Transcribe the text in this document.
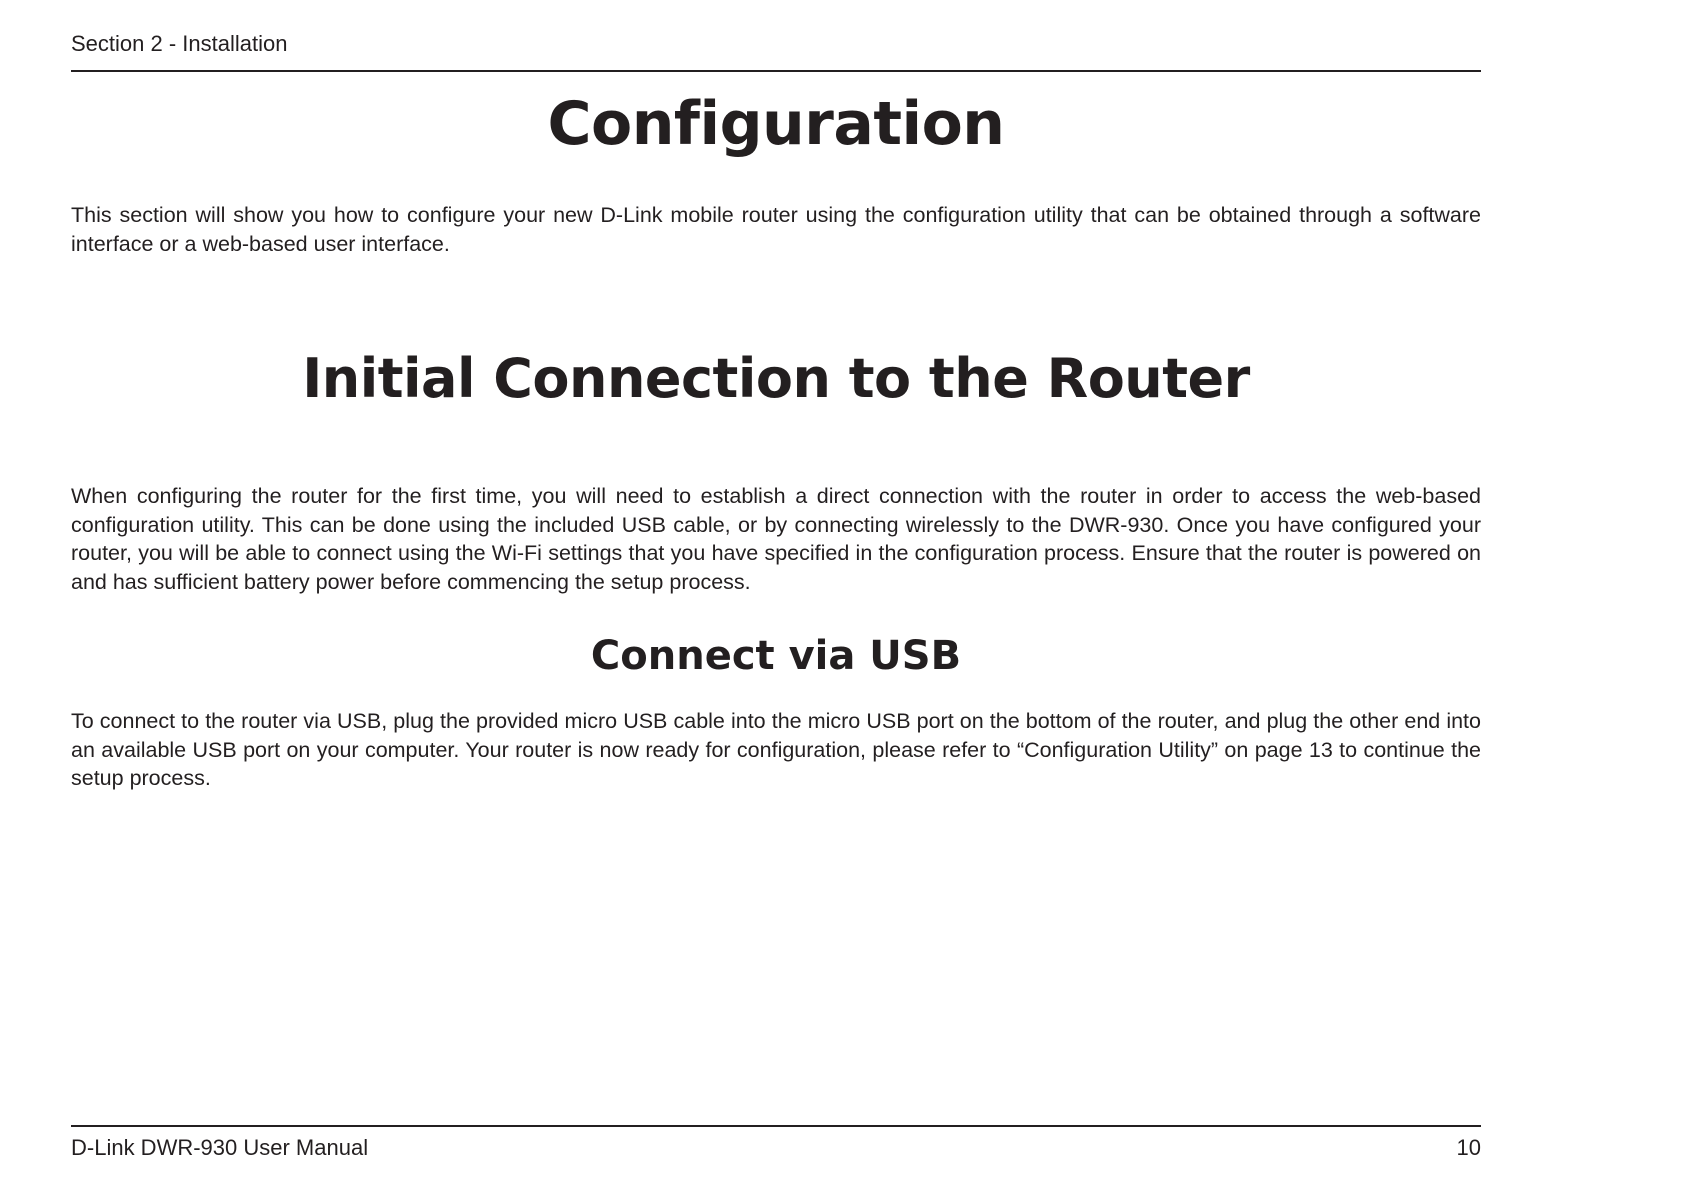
Section 2 - Installation
Configuration
This section will show you how to configure your new D-Link mobile router using the configuration utility that can be obtained through a software interface or a web-based user interface.
Initial Connection to the Router
When configuring the router for the first time, you will need to establish a direct connection with the router in order to access the web-based configuration utility. This can be done using the included USB cable, or by connecting wirelessly to the DWR-930. Once you have configured your router, you will be able to connect using the Wi-Fi settings that you have specified in the configuration process. Ensure that the router is powered on and has sufficient battery power before commencing the setup process.
Connect via USB
To connect to the router via USB, plug the provided micro USB cable into the micro USB port on the bottom of the router, and plug the other end into an available USB port on your computer. Your router is now ready for configuration, please refer to “Configuration Utility” on page 13 to continue the setup process.
D-Link DWR-930 User Manual	10
